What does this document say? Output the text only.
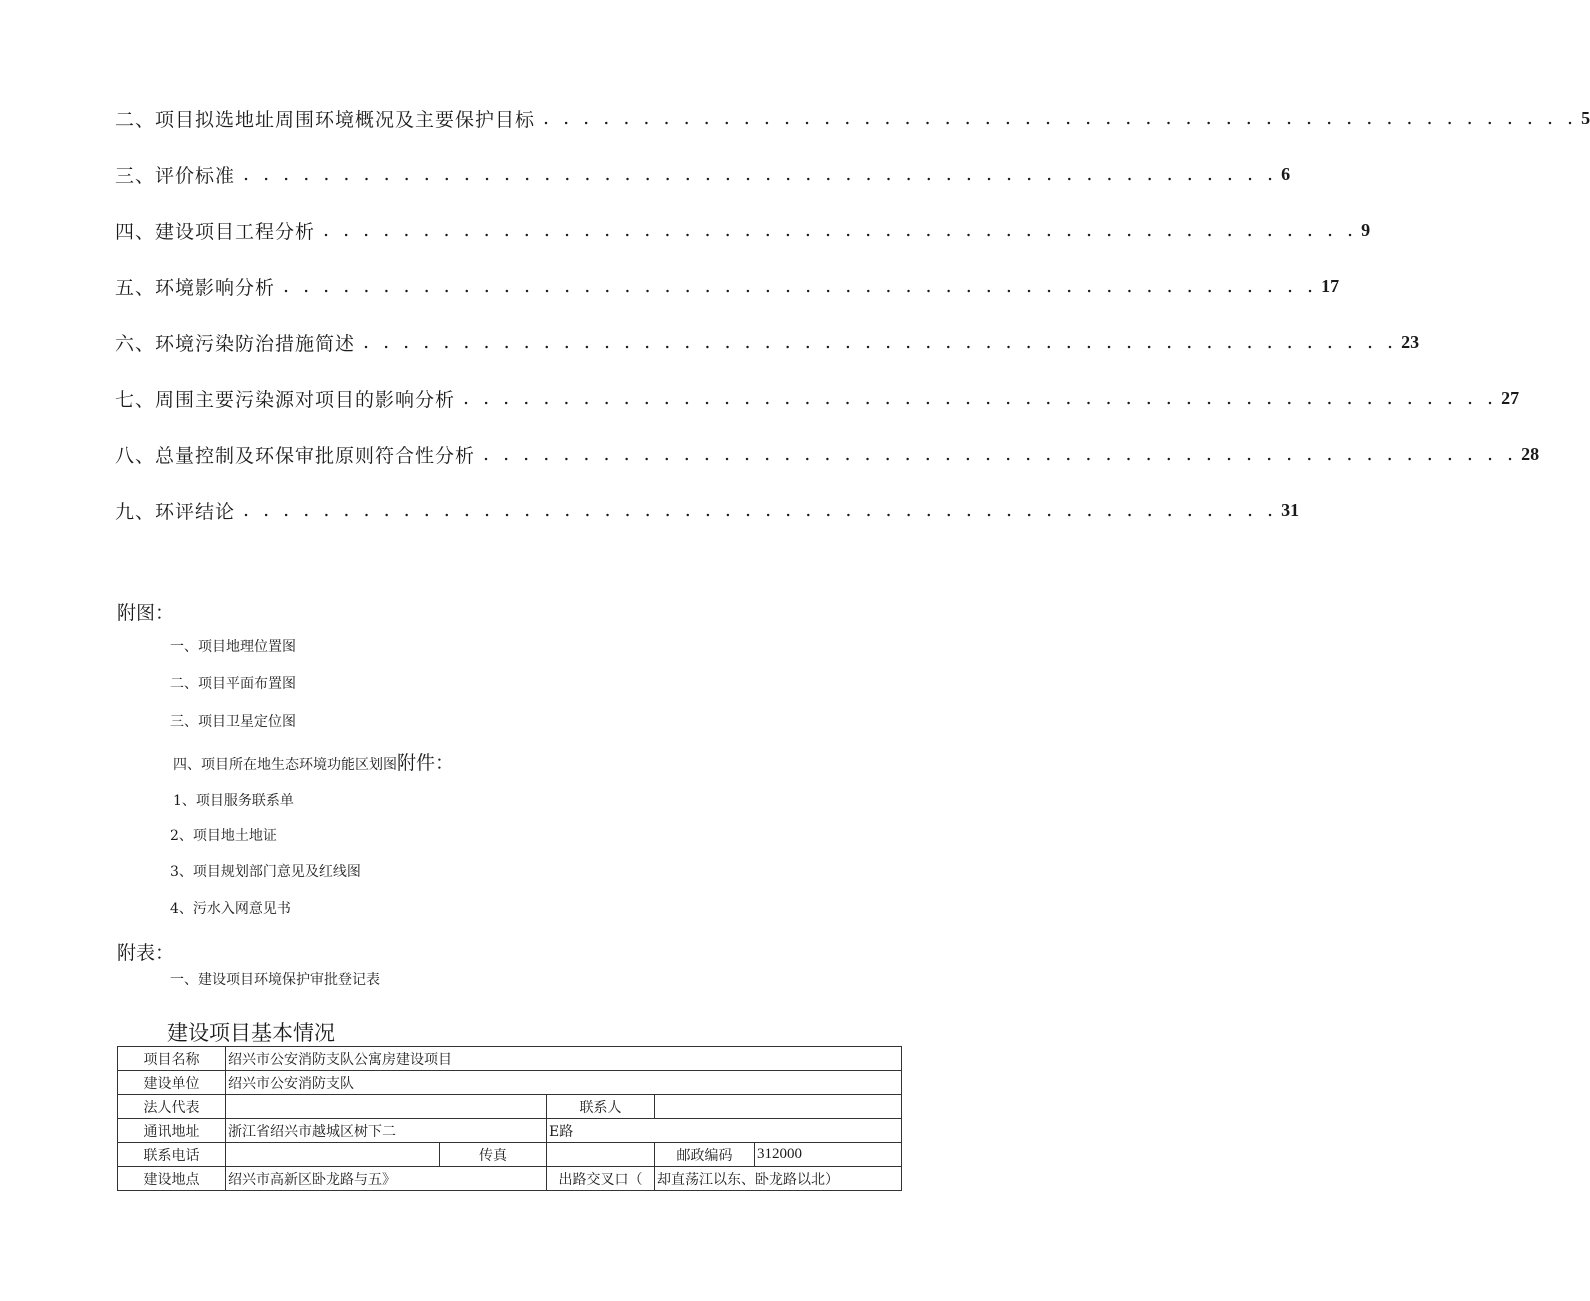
二、项目拟选地址周围环境概况及主要保护目标 . . . . . . . . . . . . . . . . . . . . . . . . . . . . . . . . . . . . . . . . . . . . . . . . . . . . 5
三、评价标准 . . . . . . . . . . . . . . . . . . . . . . . . . . . . . . . . . . . . . . . . . . . . . . . . . . . . 6
四、建设项目工程分析 . . . . . . . . . . . . . . . . . . . . . . . . . . . . . . . . . . . . . . . . . . . . . . . . . . . . 9
五、环境影响分析 . . . . . . . . . . . . . . . . . . . . . . . . . . . . . . . . . . . . . . . . . . . . . . . . . . . . 17
六、环境污染防治措施简述 . . . . . . . . . . . . . . . . . . . . . . . . . . . . . . . . . . . . . . . . . . . . . . . . . . . . 23
七、周围主要污染源对项目的影响分析 . . . . . . . . . . . . . . . . . . . . . . . . . . . . . . . . . . . . . . . . . . . . . . . . . . . . 27
八、总量控制及环保审批原则符合性分析 . . . . . . . . . . . . . . . . . . . . . . . . . . . . . . . . . . . . . . . . . . . . . . . . . . . . 28
九、环评结论 . . . . . . . . . . . . . . . . . . . . . . . . . . . . . . . . . . . . . . . . . . . . . . . . . . . . 31
附图：
一、项目地理位置图
二、项目平面布置图
三、项目卫星定位图
四、项目所在地生态环境功能区划图附件：
1、项目服务联系单
2、项目地土地证
3、项目规划部门意见及红线图
4、污水入网意见书
附表：
一、建设项目环境保护审批登记表
建设项目基本情况
项目名称	绍兴市公安消防支队公寓房建设项目				
建设单位	绍兴市公安消防支队				
法人代表			联系人		
通讯地址	浙江省绍兴市越城区树下二		E路		
联系电话		传真		邮政编码	312000
建设地点	绍兴市高新区卧龙路与五》		出路交叉口（	却直荡江以东、卧龙路以北）	
